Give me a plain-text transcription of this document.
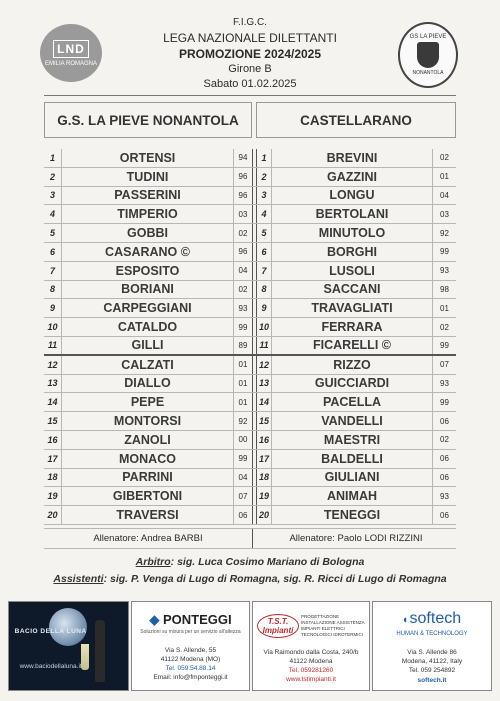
LND
EMILIA ROMAGNA
GS LA PIEVE
NONANTOLA
F.I.G.C.
LEGA NAZIONALE DILETTANTI
PROMOZIONE 2024/2025
Girone B
Sabato 01.02.2025
G.S. LA PIEVE NONANTOLA	CASTELLARANO
1	ORTENSI	94	1	BREVINI	02
2	TUDINI	96	2	GAZZINI	01
3	PASSERINI	96	3	LONGU	04
4	TIMPERIO	03	4	BERTOLANI	03
5	GOBBI	02	5	MINUTOLO	92
6	CASARANO ©	96	6	BORGHI	99
7	ESPOSITO	04	7	LUSOLI	93
8	BORIANI	02	8	SACCANI	98
9	CARPEGGIANI	93	9	TRAVAGLIATI	01
10	CATALDO	99	10	FERRARA	02
11	GILLI	89	11	FICARELLI ©	99
12	CALZATI	01	12	RIZZO	07
13	DIALLO	01	13	GUICCIARDI	93
14	PEPE	01	14	PACELLA	99
15	MONTORSI	92	15	VANDELLI	06
16	ZANOLI	00	16	MAESTRI	02
17	MONACO	99	17	BALDELLI	06
18	PARRINI	04	18	GIULIANI	06
19	GIBERTONI	07	19	ANIMAH	93
20	TRAVERSI	06	20	TENEGGI	06
Allenatore: Andrea BARBI	Allenatore: Paolo LODI RIZZINI
Arbitro: sig. Luca Cosimo Mariano di Bologna
Assistenti: sig. P. Venga di Lugo di Romagna, sig. R. Ricci di Lugo di Romagna
BACIO DELLA LUNA
www.baciodellaluna.it
◆ PONTEGGI
Soluzioni su misura per un servizio all'altezza
Via S. Allende, 55
41122 Modena (MO)
Tel. 059.54.88.14
Email: info@fmponteggi.it
T.S.T. Impianti
PROGETTAZIONE INSTALLAZIONE ASSISTENZA IMPIANTI ELETTRICI TECNOLOGICI IDROTERMICI
Via Raimondo dalla Costa, 240/b
41122 Modena
Tel. 059281260
www.tstimpianti.it
◐softech
HUMAN & TECHNOLOGY
Via S. Allende 86
Modena, 41122, Italy
Tel. 059 254892
softech.it
